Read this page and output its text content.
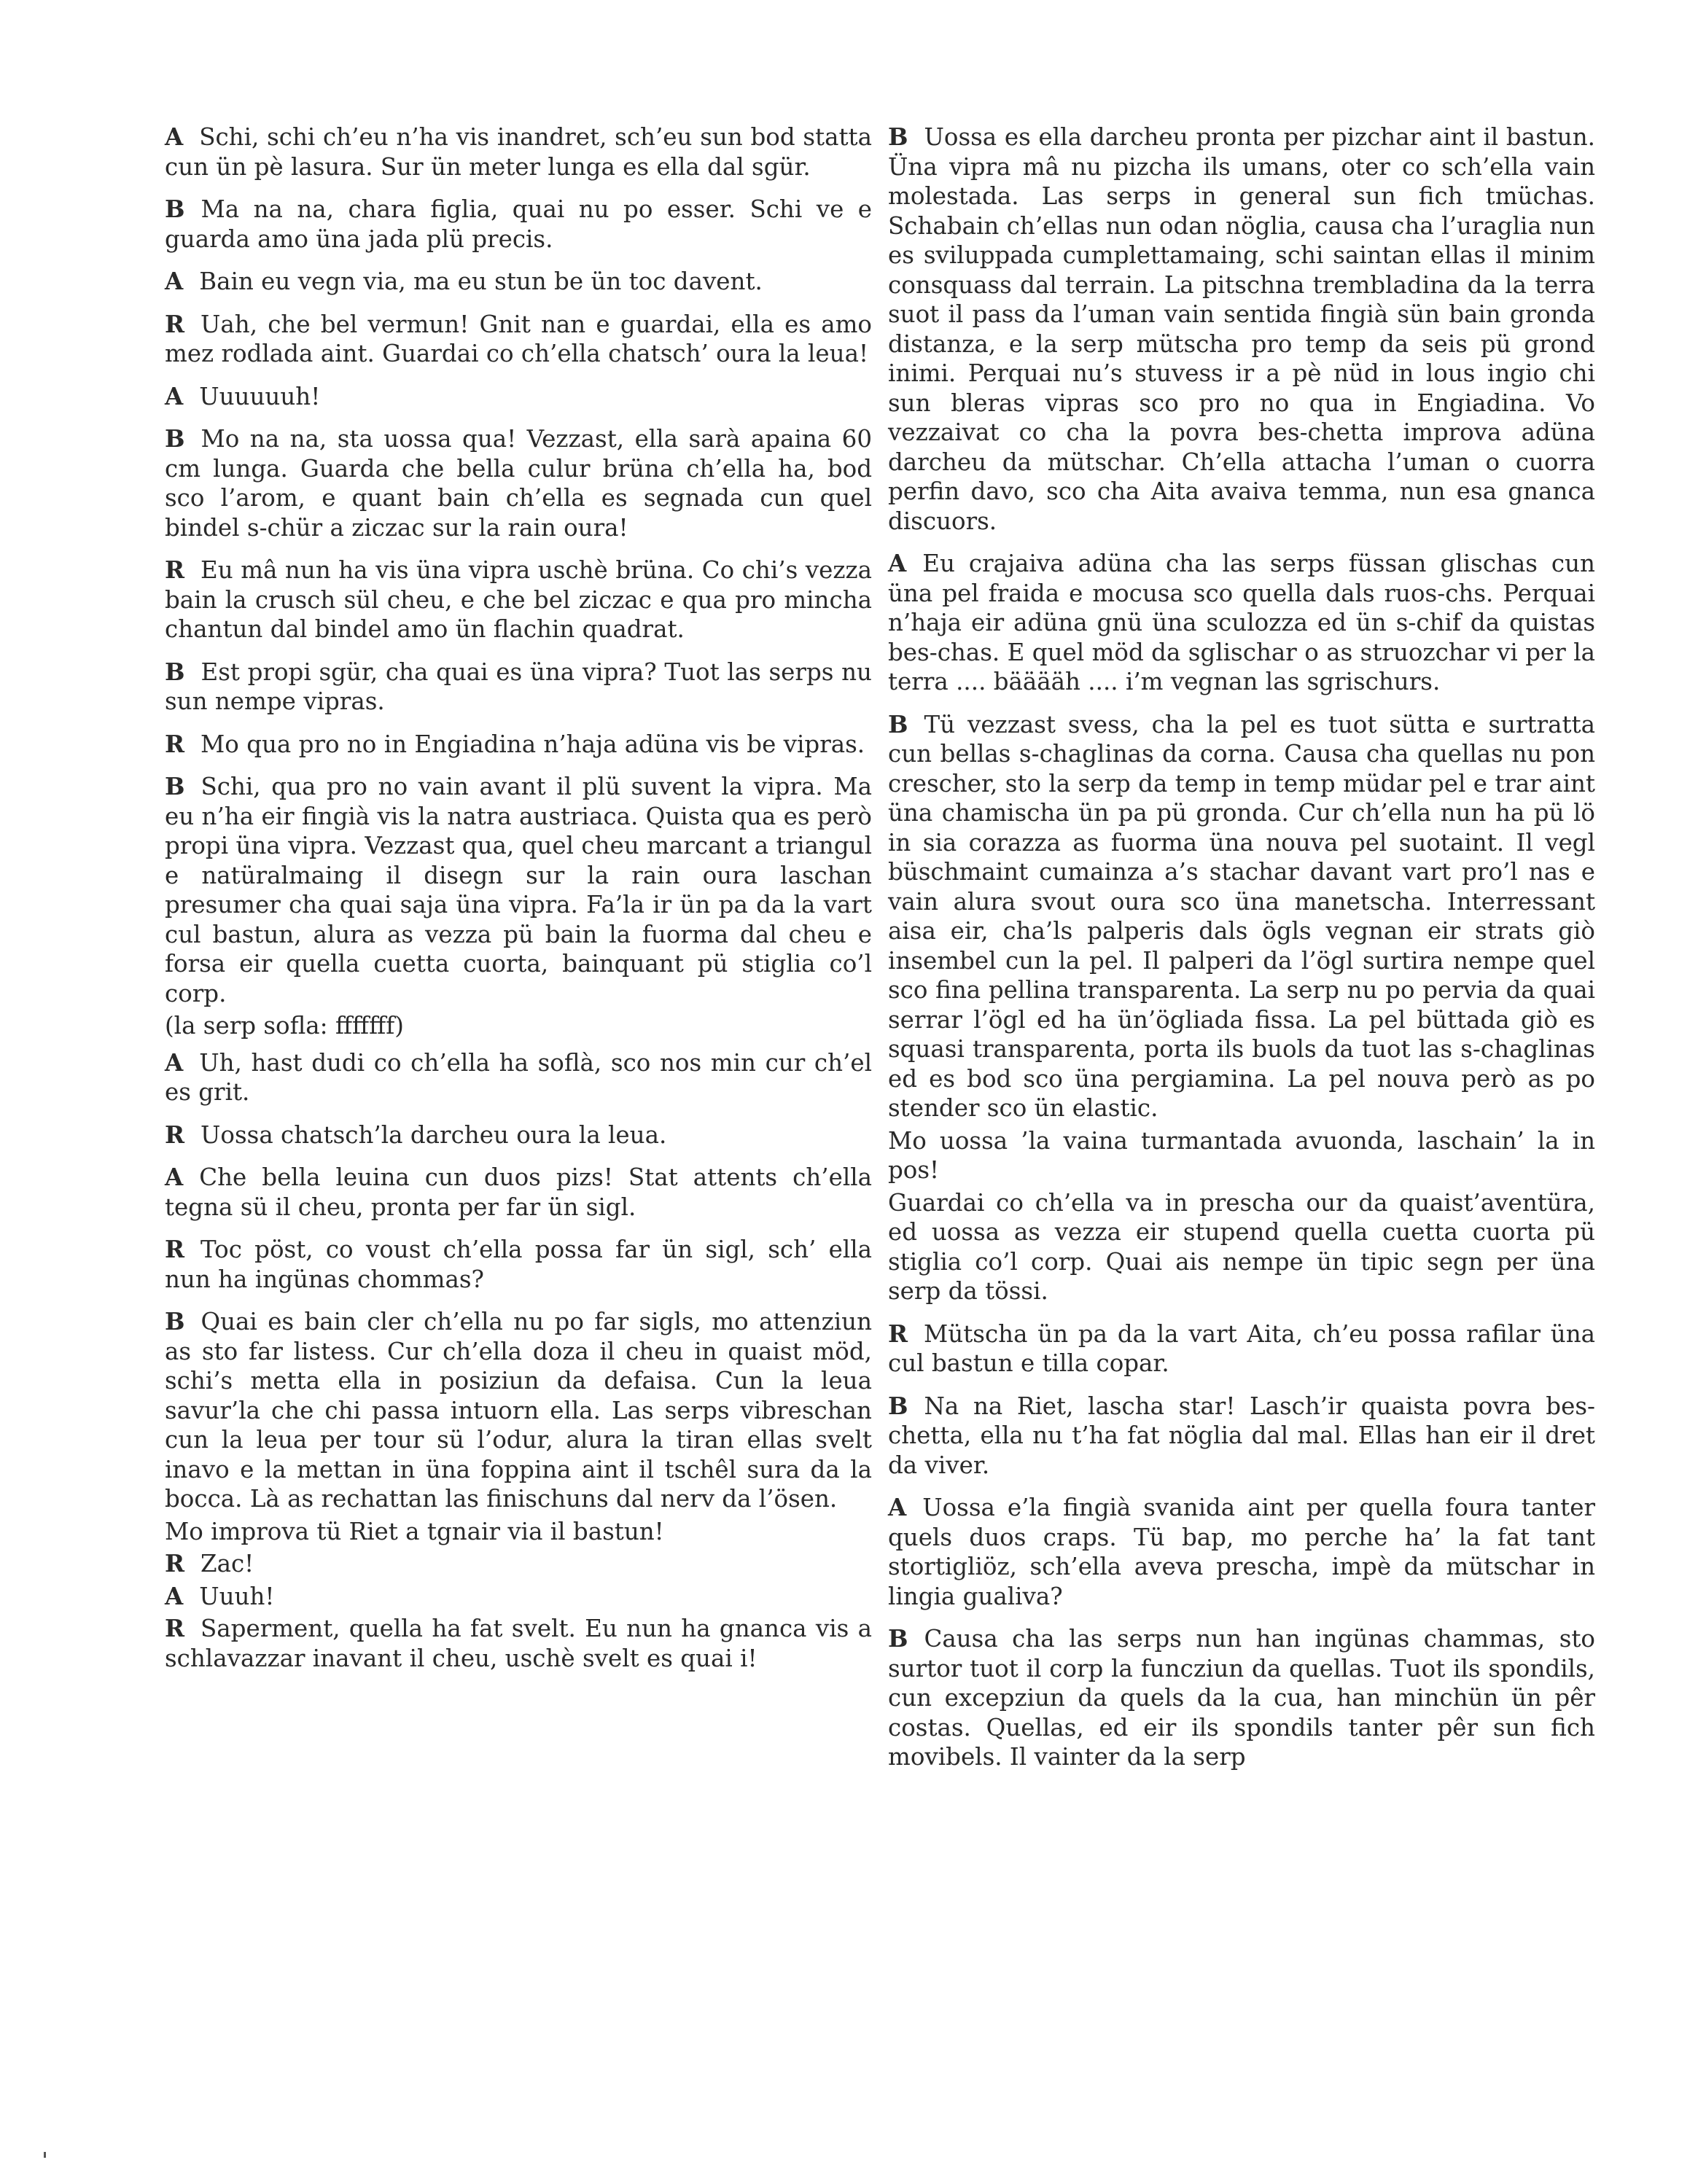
A Schi, schi ch’eu n’ha vis inandret, sch’eu sun bod statta cun ün pè lasura. Sur ün meter lunga es ella dal sgür.

B Ma na na, chara figlia, quai nu po esser. Schi ve e guarda amo üna jada plü precis.

A Bain eu vegn via, ma eu stun be ün toc davent.

R Uah, che bel vermun! Gnit nan e guardai, ella es amo mez rodlada aint. Guardai co ch’ella chatsch’ oura la leua!

A Uuuuuuh!

B Mo na na, sta uossa qua! Vezzast, ella sarà apaina 60 cm lunga. Guarda che bella culur brüna ch’ella ha, bod sco l’arom, e quant bain ch’ella es segnada cun quel bindel s-chür a ziczac sur la rain oura!

R Eu mâ nun ha vis üna vipra uschè brüna. Co chi’s vezza bain la crusch sül cheu, e che bel ziczac e qua pro mincha chantun dal bindel amo ün flachin quadrat.

B Est propi sgür, cha quai es üna vipra? Tuot las serps nu sun nempe vipras.

R Mo qua pro no in Engiadina n’haja adüna vis be vipras.

B Schi, qua pro no vain avant il plü suvent la vipra. Ma eu n’ha eir fingià vis la natra austriaca. Quista qua es però propi üna vipra. Vezzast qua, quel cheu marcant a triangul e natüralmaing il disegn sur la rain oura laschan presumer cha quai saja üna vipra. Fa’la ir ün pa da la vart cul bastun, alura as vezza pü bain la fuorma dal cheu e forsa eir quella cuetta cuorta, bainquant pü stiglia co’l corp.

(la serp sofla: fffffff)

A Uh, hast dudi co ch’ella ha soflà, sco nos min cur ch’el es grit.

R Uossa chatsch’la darcheu oura la leua.

A Che bella leuina cun duos pizs! Stat attents ch’ella tegna sü il cheu, pronta per far ün sigl.

R Toc pöst, co voust ch’ella possa far ün sigl, sch’ ella nun ha ingünas chommas?

B Quai es bain cler ch’ella nu po far sigls, mo attenziun as sto far listess. Cur ch’ella doza il cheu in quaist möd, schi’s metta ella in posiziun da defaisa. Cun la leua savur’la che chi passa intuorn ella. Las serps vibreschan cun la leua per tour sü l’odur, alura la tiran ellas svelt inavo e la mettan in üna foppina aint il tschêl sura da la bocca. Là as rechattan las finischuns dal nerv da l’ösen.

Mo improva tü Riet a tgnair via il bastun!

R Zac!

A Uuuh!

R Saperment, quella ha fat svelt. Eu nun ha gnanca vis a schlavazzar inavant il cheu, uschè svelt es quai i!

B Uossa es ella darcheu pronta per pizchar aint il bastun. Üna vipra mâ nu pizcha ils umans, oter co sch’ella vain molestada. Las serps in general sun fich tmüchas. Schabain ch’ellas nun odan nöglia, causa cha l’uraglia nun es sviluppada cumplettamaing, schi saintan ellas il minim consquass dal terrain. La pitschna trembladina da la terra suot il pass da l’uman vain sentida fingià sün bain gronda distanza, e la serp mütscha pro temp da seis pü grond inimi. Perquai nu’s stuvess ir a pè nüd in lous ingio chi sun bleras vipras sco pro no qua in Engiadina. Vo vezzaivat co cha la povra bes-chetta improva adüna darcheu da mütschar. Ch’ella attacha l’uman o cuorra perfin davo, sco cha Aita avaiva temma, nun esa gnanca discuors.

A Eu crajaiva adüna cha las serps füssan glischas cun üna pel fraida e mocusa sco quella dals ruos-chs. Perquai n’haja eir adüna gnü üna sculozza ed ün s-chif da quistas bes-chas. E quel möd da sglischar o as struozchar vi per la terra .... bääääh .... i’m vegnan las sgrischurs.

B Tü vezzast svess, cha la pel es tuot sütta e surtratta cun bellas s-chaglinas da corna. Causa cha quellas nu pon crescher, sto la serp da temp in temp müdar pel e trar aint üna chamischa ün pa pü gronda. Cur ch’ella nun ha pü lö in sia corazza as fuorma üna nouva pel suotaint. Il vegl büschmaint cumainza a’s stachar davant vart pro’l nas e vain alura svout oura sco üna manetscha. Interressant aisa eir, cha’ls palperis dals ögls vegnan eir strats giò insembel cun la pel. Il palperi da l’ögl surtira nempe quel sco fina pellina transparenta. La serp nu po pervia da quai serrar l’ögl ed ha ün’ögliada fissa. La pel büttada giò es squasi transparenta, porta ils buols da tuot las s-chaglinas ed es bod sco üna pergiamina. La pel nouva però as po stender sco ün elastic.

Mo uossa ’la vaina turmantada avuonda, laschain’ la in pos!

Guardai co ch’ella va in prescha our da quaist’aventüra, ed uossa as vezza eir stupend quella cuetta cuorta pü stiglia co’l corp. Quai ais nempe ün tipic segn per üna serp da tössi.

R Mütscha ün pa da la vart Aita, ch’eu possa rafilar üna cul bastun e tilla copar.

B Na na Riet, lascha star! Lasch’ir quaista povra bes-chetta, ella nu t’ha fat nöglia dal mal. Ellas han eir il dret da viver.

A Uossa e’la fingià svanida aint per quella foura tanter quels duos craps. Tü bap, mo perche ha’ la fat tant stortigliöz, sch’ella aveva prescha, impè da mütschar in lingia gualiva?

B Causa cha las serps nun han ingünas chammas, sto surtor tuot il corp la funcziun da quellas. Tuot ils spondils, cun excepziun da quels da la cua, han minchün ün pêr costas. Quellas, ed eir ils spondils tanter pêr sun fich movibels. Il vainter da la serp
